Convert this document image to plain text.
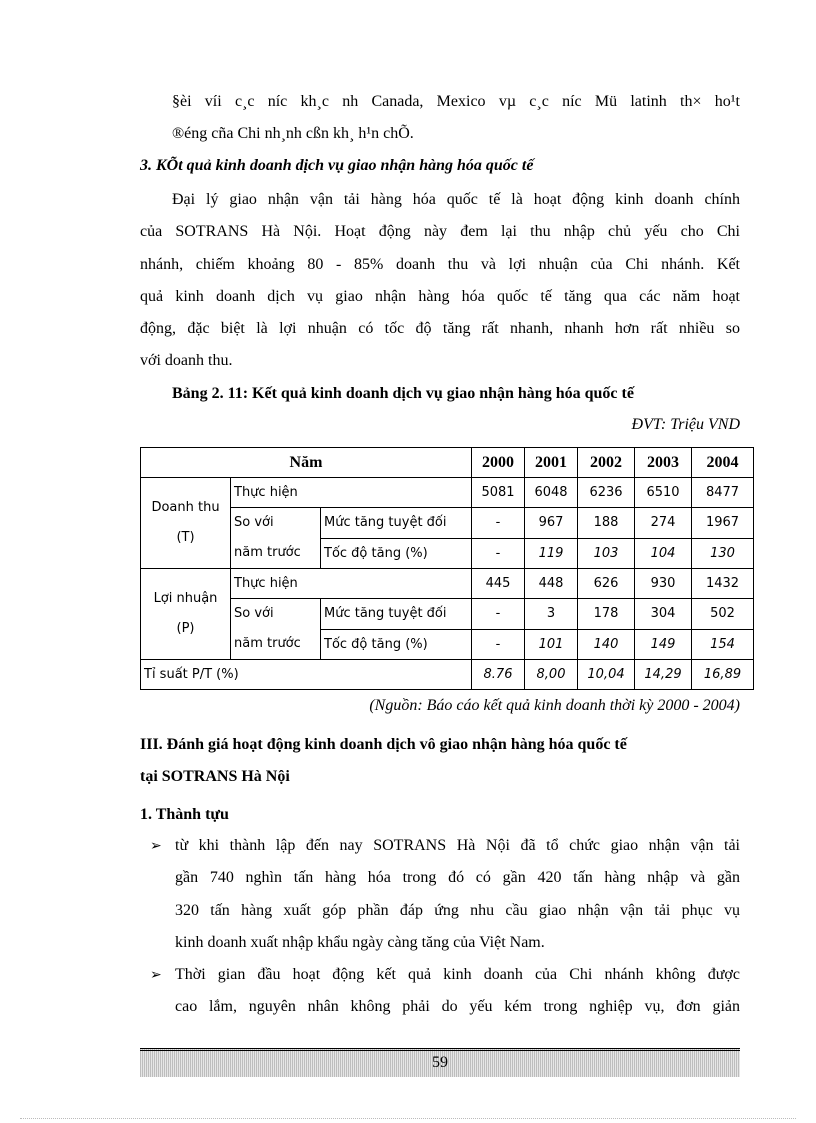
§èi víi c¸c níc kh¸c nh Canada, Mexico vµ c¸c níc Mü latinh th× ho¹t
®éng cña Chi nh¸nh cßn kh¸ h¹n chÕ.
3. KÕt quả kinh doanh dịch vụ giao nhận hàng hóa quốc tế
Đại lý giao nhận vận tải hàng hóa quốc tế là hoạt động kinh doanh chính
của SOTRANS Hà Nội. Hoạt động này đem lại thu nhập chủ yếu cho Chi
nhánh, chiếm khoảng 80 - 85% doanh thu và lợi nhuận của Chi nhánh. Kết
quả kinh doanh dịch vụ giao nhận hàng hóa quốc tế tăng qua các năm hoạt
động, đặc biệt là lợi nhuận có tốc độ tăng rất nhanh, nhanh hơn rất nhiều so
với doanh thu.
Bảng 2. 11: Kết quả kinh doanh dịch vụ giao nhận hàng hóa quốc tế
ĐVT: Triệu VND
Năm			2000	2001	2002	2003	2004
Doanh thu
(T)	Thực hiện		5081	6048	6236	6510	8477
	So với
năm trước	Mức tăng tuyệt đối	-	967	188	274	1967
		Tốc độ tăng (%)	-	119	103	104	130
Lợi nhuận
(P)	Thực hiện		445	448	626	930	1432
	So với
năm trước	Mức tăng tuyệt đối	-	3	178	304	502
		Tốc độ tăng (%)	-	101	140	149	154
Tỉ suất P/T (%)			8.76	8,00	10,04	14,29	16,89
(Nguồn: Báo cáo kết quả kinh doanh thời kỳ 2000 - 2004)
III. Đánh giá hoạt động kinh doanh dịch vô giao nhận hàng hóa quốc tế
tại SOTRANS Hà Nội
1. Thành tựu
➢ từ khi thành lập đến nay SOTRANS Hà Nội đã tổ chức giao nhận vận tải
gần 740 nghìn tấn hàng hóa trong đó có gần 420 tấn hàng nhập và gần
320 tấn hàng xuất góp phần đáp ứng nhu cầu giao nhận vận tải phục vụ
kinh doanh xuất nhập khẩu ngày càng tăng của Việt Nam.
➢ Thời gian đầu hoạt động kết quả kinh doanh của Chi nhánh không được
cao lắm, nguyên nhân không phải do yếu kém trong nghiệp vụ, đơn giản
59
